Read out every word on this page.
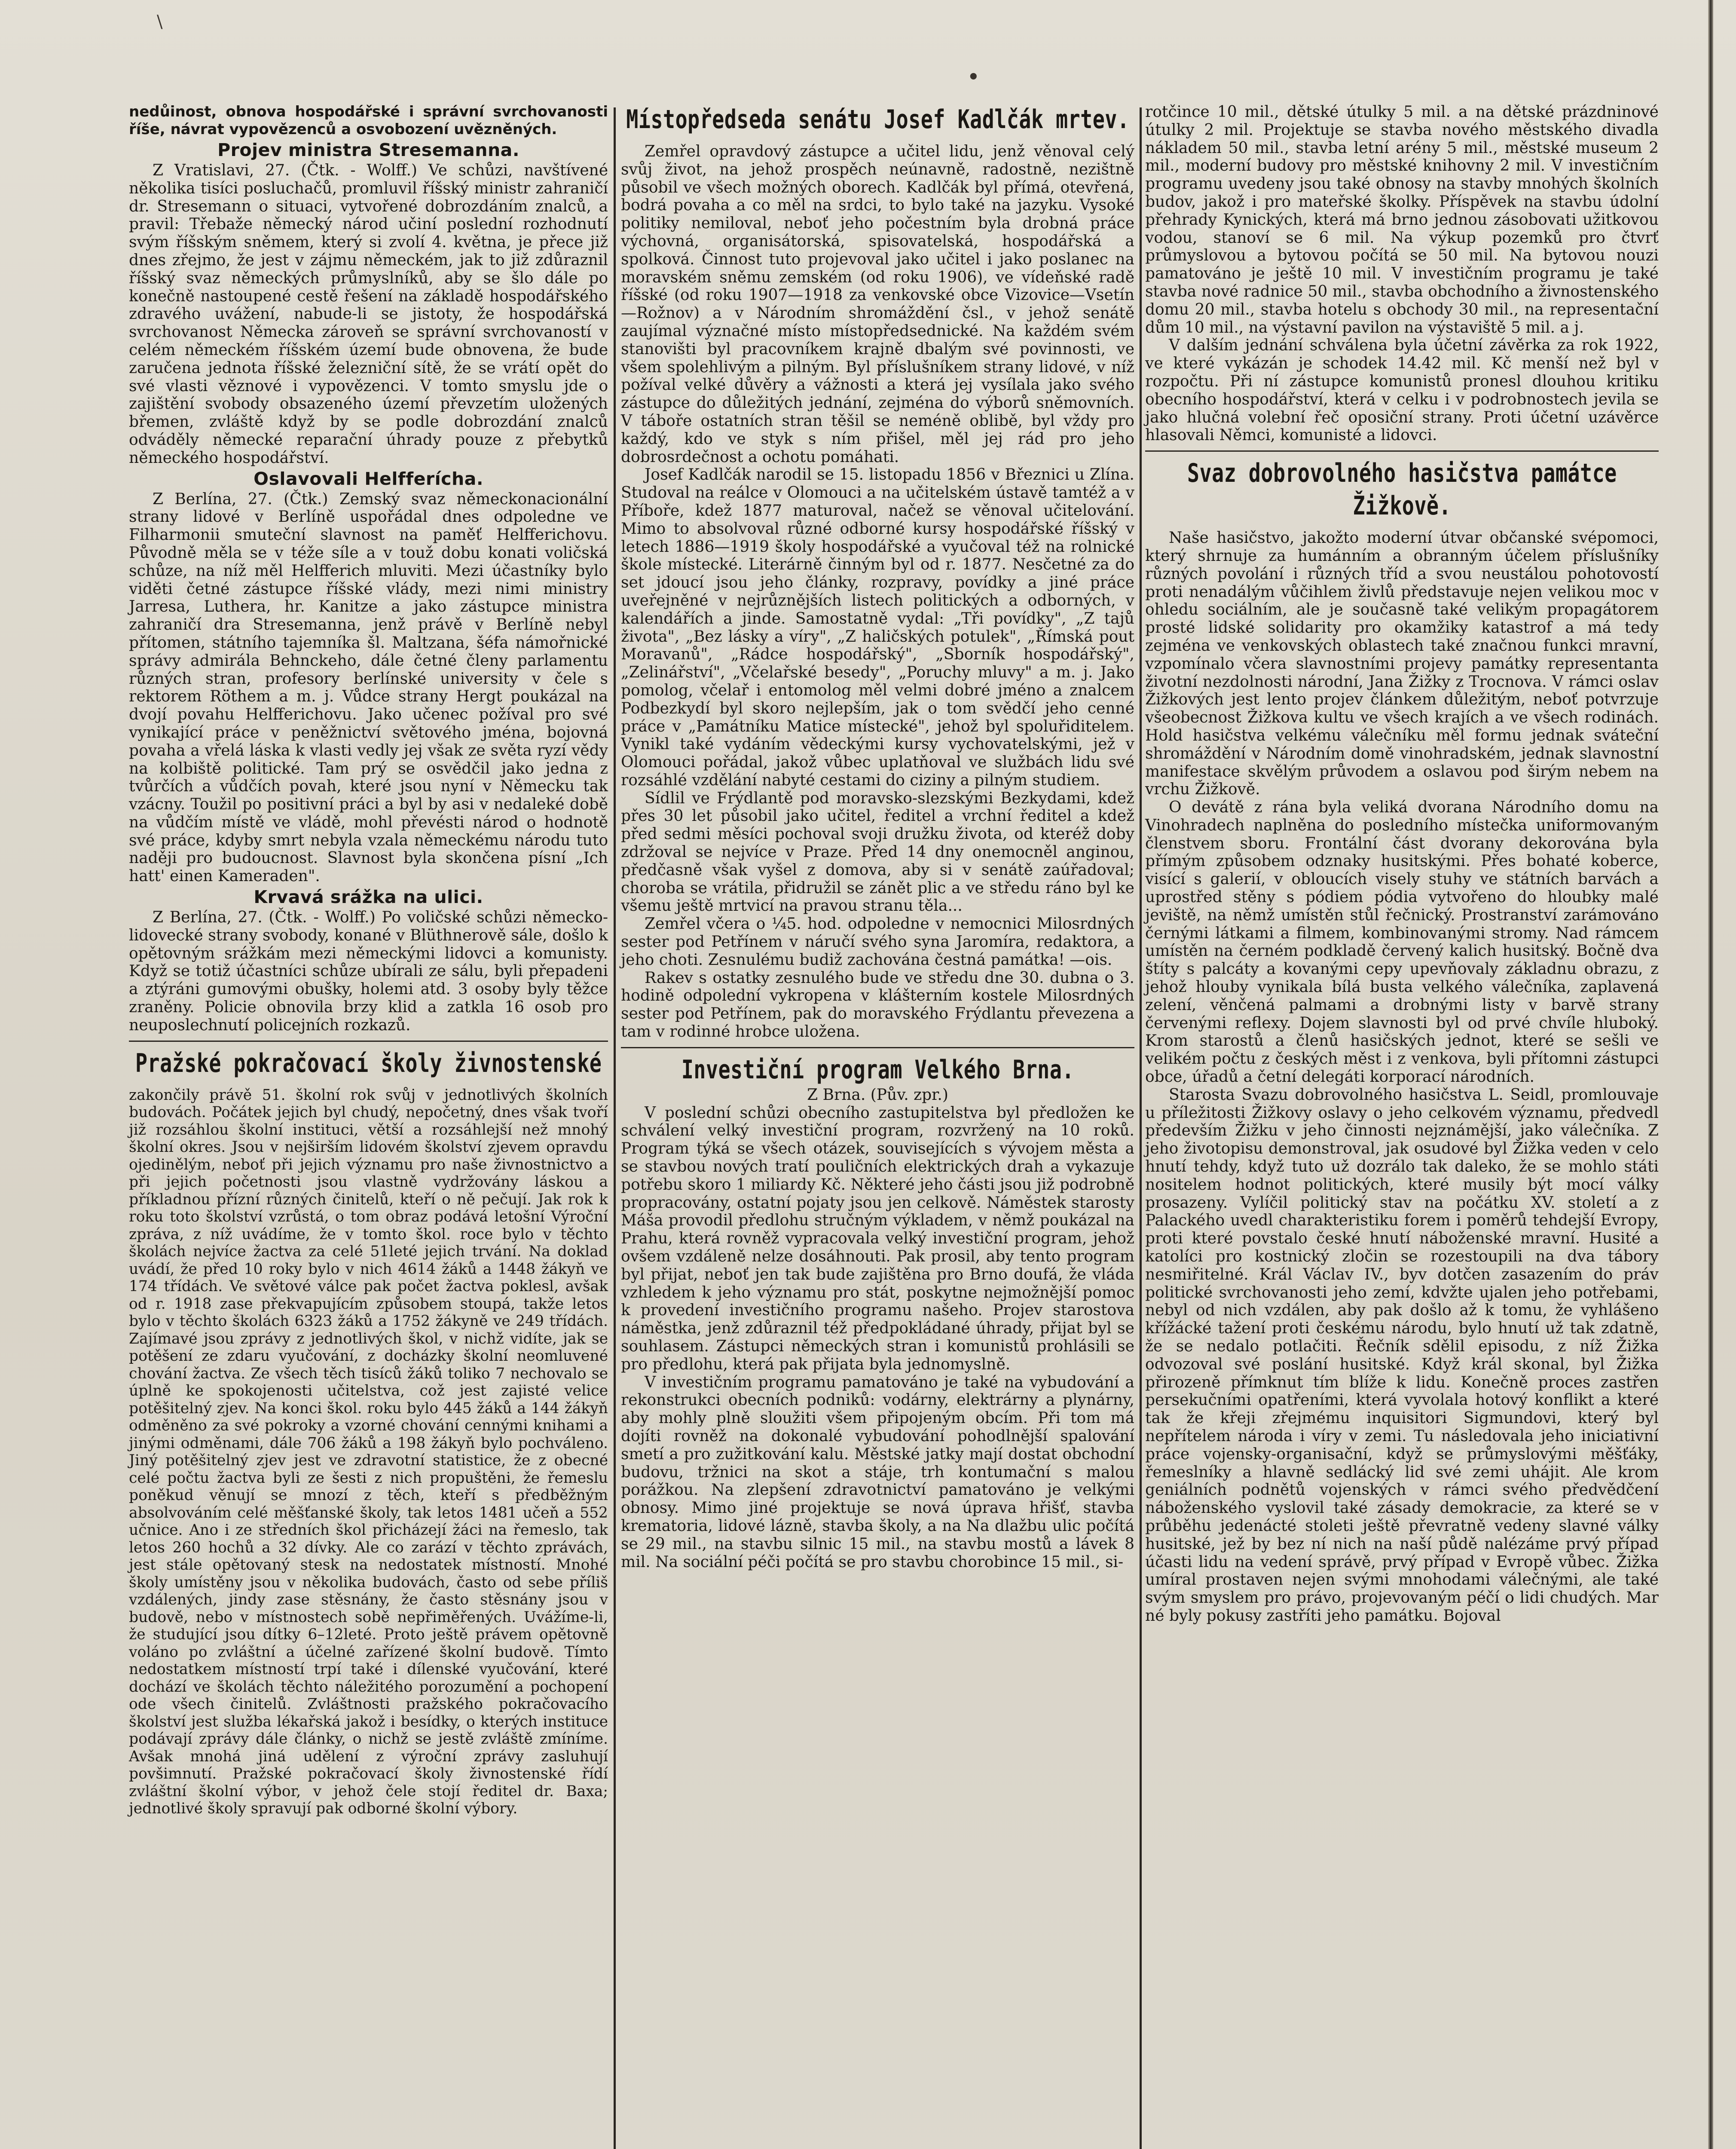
\
•

nedůinost, obnova hospodářské i správní svrchovanosti říše, návrat vypovězenců a osvobození uvězněných.

Projev ministra Stresemanna.

Z Vratislavi, 27. (Čtk. - Wolff.) Ve schůzi, navštívené několika tisíci posluchačů, promluvil říšský ministr zahraničí dr. Stresemann o situaci, vytvořené dobrozdáním znalců, a pravil: Třebaže německý národ učiní poslední rozhodnutí svým říšským sněmem, který si zvolí 4. května, je přece již dnes zřejmo, že jest v zájmu německém, jak to již zdůraznil říšský svaz německých průmyslníků, aby se šlo dále po konečně nastoupené cestě řešení na základě hospodářského zdravého uvážení, nabude-li se jistoty, že hospodářská svrchovanost Německa zároveň se správní svrchovaností v celém německém říšském území bude obnovena, že bude zaručena jednota říšské železniční sítě, že se vrátí opět do své vlasti věznové i vypovězenci. V tomto smyslu jde o zajištění svobody obsazeného území převzetím uložených břemen, zvláště když by se podle dobrozdání znalců odváděly německé reparační úhrady pouze z přebytků německého hospodářství.

Oslavovali Helfferícha.

Z Berlína, 27. (Čtk.) Zemský svaz německonacionální strany lidové v Berlíně uspořádal dnes odpoledne ve Filharmonii smuteční slavnost na paměť Helfferichovu. Původně měla se v téže síle a v touž dobu konati voličská schůze, na níž měl Helfferich mluviti. Mezi účastníky bylo viděti četné zástupce říšské vlády, mezi nimi ministry Jarresa, Luthera, hr. Kanitze a jako zástupce ministra zahraničí dra Stresemanna, jenž právě v Berlíně nebyl přítomen, státního tajemníka šl. Maltzana, šéfa námořnické správy admirála Behnckeho, dále četné členy parlamentu různých stran, profesory berlínské university v čele s rektorem Röthem a m. j. Vůdce strany Hergt poukázal na dvojí povahu Helfferichovu. Jako učenec požíval pro své vynikající práce v peněžnictví světového jména, bojovná povaha a vřelá láska k vlasti vedly jej však ze světa ryzí vědy na kolbiště politické. Tam prý se osvědčil jako jedna z tvůrčích a vůdčích povah, které jsou nyní v Německu tak vzácny. Toužil po positivní práci a byl by asi v nedaleké době na vůdčím místě ve vládě, mohl převésti národ o hodnotě své práce, kdyby smrt nebyla vzala německému národu tuto naději pro budoucnost. Slavnost byla skončena písní „Ich hatt' einen Kameraden".

Krvavá srážka na ulici.

Z Berlína, 27. (Čtk. - Wolff.) Po voličské schůzi německo-lidovecké strany svobody, konané v Blüthnerově sále, došlo k opětovným srážkám mezi německými lidovci a komunisty. Když se totiž účastníci schůze ubírali ze sálu, byli přepadeni a ztýráni gumovými obušky, holemi atd. 3 osoby byly těžce zraněny. Policie obnovila brzy klid a zatkla 16 osob pro neuposlechnutí policejních rozkazů.

Pražské pokračovací školy živnostenské

zakončily právě 51. školní rok svůj v jednotlivých školních budovách. Počátek jejich byl chudý, nepočetný, dnes však tvoří již rozsáhlou školní instituci, větší a rozsáhlejší než mnohý školní okres. Jsou v nejširším lidovém školství zjevem opravdu ojedinělým, neboť při jejich významu pro naše živnostnictvo a při jejich početnosti jsou vlastně vydržovány láskou a příkladnou přízní různých činitelů, kteří o ně pečují. Jak rok k roku toto školství vzrůstá, o tom obraz podává letošní Výroční zpráva, z níž uvádíme, že v tomto škol. roce bylo v těchto školách nejvíce žactva za celé 51leté jejich trvání. Na doklad uvádí, že před 10 roky bylo v nich 4614 žáků a 1448 žákyň ve 174 třídách. Ve světové válce pak počet žactva poklesl, avšak od r. 1918 zase překvapujícím způsobem stoupá, takže letos bylo v těchto školách 6323 žáků a 1752 žákyně ve 249 třídách. Zajímavé jsou zprávy z jednotlivých škol, v nichž vidíte, jak se potěšení ze zdaru vyučování, z docházky školní neomluvené chování žactva. Ze všech těch tisíců žáků toliko 7 nechovalo se úplně ke spokojenosti učitelstva, což jest zajisté velice potěšitelný zjev. Na konci škol. roku bylo 445 žáků a 144 žákyň odměněno za své pokroky a vzorné chování cennými knihami a jinými odměnami, dále 706 žáků a 198 žákyň bylo pochváleno. Jiný potěšitelný zjev jest ve zdravotní statistice, že z obecné celé počtu žactva byli ze šesti z nich propuštěni, že řemeslu poněkud věnují se mnozí z těch, kteří s předběžným absolvováním celé měšťanské školy, tak letos 1481 učeň a 552 učnice. Ano i ze středních škol přicházejí žáci na řemeslo, tak letos 260 hochů a 32 dívky. Ale co zarází v těchto zprávách, jest stále opětovaný stesk na nedostatek místností. Mnohé školy umístěny jsou v několika budovách, často od sebe příliš vzdálených, jindy zase stěsnány, že často stěsnány jsou v budově, nebo v místnostech sobě nepřiměřených. Uvážíme-li, že studující jsou dítky 6–12leté. Proto ještě právem opětovně voláno po zvláštní a účelné zařízené školní budově. Tímto nedostatkem místností trpí také i dílenské vyučování, které dochází ve školách těchto náležitého porozumění a pochopení ode všech činitelů. Zvláštnosti pražského pokračovacího školství jest služba lékařská jakož i besídky, o kterých instituce podávají zprávy dále články, o nichž se jestě zvláště zmíníme. Avšak mnohá jiná udělení z výroční zprávy zasluhují povšimnutí. Pražské pokračovací školy živnostenské řídí zvláštní školní výbor, v jehož čele stojí ředitel dr. Baxa; jednotlivé školy spravují pak odborné školní výbory.

Místopředseda senátu Josef Kadlčák mrtev.

Zemřel opravdový zástupce a učitel lidu, jenž věnoval celý svůj život, na jehož prospěch neúnavně, radostně, nezištně působil ve všech možných oborech. Kadlčák byl přímá, otevřená, bodrá povaha a co měl na srdci, to bylo také na jazyku. Vysoké politiky nemiloval, neboť jeho počestním byla drobná práce výchovná, organisátorská, spisovatelská, hospodářská a spolková. Činnost tuto projevoval jako učitel i jako poslanec na moravském sněmu zemském (od roku 1906), ve vídeňské radě říšské (od roku 1907—1918 za venkovské obce Vizovice—Vsetín—Rožnov) a v Národním shromáždění čsl., v jehož senátě zaujímal význačné místo místopředsednické. Na každém svém stanovišti byl pracovníkem krajně dbalým své povinnosti, ve všem spolehlivým a pilným. Byl příslušníkem strany lidové, v níž požíval velké důvěry a vážnosti a která jej vysílala jako svého zástupce do důležitých jednání, zejména do výborů sněmovních. V táboře ostatních stran těšil se neméně oblibě, byl vždy pro každý, kdo ve styk s ním přišel, měl jej rád pro jeho dobrosrdečnost a ochotu pomáhati.

Josef Kadlčák narodil se 15. listopadu 1856 v Březnici u Zlína. Studoval na reálce v Olomouci a na učitelském ústavě tamtéž a v Příboře, kdež 1877 maturoval, načež se věnoval učitelování. Mimo to absolvoval různé odborné kursy hospodářské říšský v letech 1886—1919 školy hospodářské a vyučoval též na rolnické škole místecké. Literárně činným byl od r. 1877. Nesčetné za do set jdoucí jsou jeho články, rozpravy, povídky a jiné práce uveřejněné v nejrůznějších listech politických a odborných, v kalendářích a jinde. Samostatně vydal: „Tři povídky", „Z tajů života", „Bez lásky a víry", „Z haličských potulek", „Římská pout Moravanů", „Rádce hospodářský", „Sborník hospodářský", „Zelinářství", „Včelařské besedy", „Poruchy mluvy" a m. j. Jako pomolog, včelař i entomolog měl velmi dobré jméno a znalcem Podbezkydí byl skoro nejlepším, jak o tom svědčí jeho cenné práce v „Památníku Matice místecké", jehož byl spoluřiditelem. Vynikl také vydáním vědeckými kursy vychovatelskými, jež v Olomouci pořádal, jakož vůbec uplatňoval ve službách lidu své rozsáhlé vzdělání nabyté cestami do ciziny a pilným studiem.

Sídlil ve Frýdlantě pod moravsko-slezskými Bezkydami, kdež přes 30 let působil jako učitel, ředitel a vrchní ředitel a kdež před sedmi měsíci pochoval svoji družku života, od kteréž doby zdržoval se nejvíce v Praze. Před 14 dny onemocněl anginou, předčasně však vyšel z domova, aby si v senátě zaúřadoval; choroba se vrátila, přidružil se zánět plic a ve středu ráno byl ke všemu ještě mrtvicí na pravou stranu těla...

Zemřel včera o ¼5. hod. odpoledne v nemocnici Milosrdných sester pod Petřínem v náručí svého syna Jaromíra, redaktora, a jeho choti. Zesnulému budiž zachována čestná památka! —ois.

Rakev s ostatky zesnulého bude ve středu dne 30. dubna o 3. hodině odpolední vykropena v klášterním kostele Milosrdných sester pod Petřínem, pak do moravského Frýdlantu převezena a tam v rodinné hrobce uložena.

Investiční program Velkého Brna.

Z Brna. (Pův. zpr.)

V poslední schůzi obecního zastupitelstva byl předložen ke schválení velký investiční program, rozvržený na 10 roků. Program týká se všech otázek, souvisejících s vývojem města a se stavbou nových tratí pouličních elektrických drah a vykazuje potřebu skoro 1 miliardy Kč. Některé jeho části jsou již podrobně propracovány, ostatní pojaty jsou jen celkově. Náměstek starosty Máša provodil předlohu stručným výkladem, v němž poukázal na Prahu, která rovněž vypracovala velký investiční program, jehož ovšem vzdáleně nelze dosáhnouti. Pak prosil, aby tento program byl přijat, neboť jen tak bude zajištěna pro Brno doufá, že vláda vzhledem k jeho významu pro stát, poskytne nejmožnější pomoc k provedení investičního programu našeho. Projev starostova náměstka, jenž zdůraznil též předpokládané úhrady, přijat byl se souhlasem. Zástupci německých stran i komunistů prohlásili se pro předlohu, která pak přijata byla jednomyslně.

V investičním programu pamatováno je také na vybudování a rekonstrukci obecních podniků: vodárny, elektrárny a plynárny, aby mohly plně sloužiti všem připojeným obcím. Při tom má dojíti rovněž na dokonalé vybudování pohodlnější spalování smetí a pro zužitkování kalu. Městské jatky mají dostat obchodní budovu, tržnici na skot a stáje, trh kontumační s malou porážkou. Na zlepšení zdravotnictví pamatováno je velkými obnosy. Mimo jiné projektuje se nová úprava hřišť, stavba krematoria, lidové lázně, stavba školy, a na Na dlažbu ulic počítá se 29 mil., na stavbu silnic 15 mil., na stavbu mostů a lávek 8 mil. Na sociální péči počítá se pro stavbu chorobince 15 mil., si-

rotčince 10 mil., dětské útulky 5 mil. a na dětské prázdninové útulky 2 mil. Projektuje se stavba nového městského divadla nákladem 50 mil., stavba letní arény 5 mil., městské museum 2 mil., moderní budovy pro městské knihovny 2 mil. V investičním programu uvedeny jsou také obnosy na stavby mnohých školních budov, jakož i pro mateřské školky. Příspěvek na stavbu údolní přehrady Kynických, která má brno jednou zásobovati užitkovou vodou, stanoví se 6 mil. Na výkup pozemků pro čtvrť průmyslovou a bytovou počítá se 50 mil. Na bytovou nouzi pamatováno je ještě 10 mil. V investičním programu je také stavba nové radnice 50 mil., stavba obchodního a živnostenského domu 20 mil., stavba hotelu s obchody 30 mil., na representační dům 10 mil., na výstavní pavilon na výstaviště 5 mil. a j.

V dalším jednání schválena byla účetní závěrka za rok 1922, ve které vykázán je schodek 14.42 mil. Kč menší než byl v rozpočtu. Při ní zástupce komunistů pronesl dlouhou kritiku obecního hospodářství, která v celku i v podrobnostech jevila se jako hlučná volební řeč oposiční strany. Proti účetní uzávěrce hlasovali Němci, komunisté a lidovci.

Svaz dobrovolného hasičstva památce Žižkově.

Naše hasičstvo, jakožto moderní útvar občanské svépomoci, který shrnuje za humánním a obranným účelem příslušníky různých povolání i různých tříd a svou neustálou pohotovostí proti nenadálým vůčihlem živlů představuje nejen velikou moc v ohledu sociálním, ale je současně také velikým propagátorem prosté lidské solidarity pro okamžiky katastrof a má tedy zejména ve venkovských oblastech také značnou funkci mravní, vzpomínalo včera slavnostními projevy památky representanta životní nezdolnosti národní, Jana Žižky z Trocnova. V rámci oslav Žižkových jest lento projev článkem důležitým, neboť potvrzuje všeobecnost Žižkova kultu ve všech krajích a ve všech rodinách. Hold hasičstva velkému válečníku měl formu jednak sváteční shromáždění v Národním domě vinohradském, jednak slavnostní manifestace skvělým průvodem a oslavou pod širým nebem na vrchu Žižkově.

O devátě z rána byla veliká dvorana Národního domu na Vinohradech naplněna do posledního místečka uniformovaným členstvem sboru. Frontální část dvorany dekorována byla přímým způsobem odznaky husitskými. Přes bohaté koberce, visící s galerií, v obloucích visely stuhy ve státních barvách a uprostřed stěny s pódiem pódia vytvořeno do hloubky malé jeviště, na němž umístěn stůl řečnický. Prostranství zarámováno černými látkami a filmem, kombinovanými stromy. Nad rámcem umístěn na černém podkladě červený kalich husitský. Bočně dva štíty s palcáty a kovanými cepy upevňovaly základnu obrazu, z jehož hlouby vynikala bílá busta velkého válečníka, zaplavená zelení, věnčená palmami a drobnými listy v barvě strany červenými reflexy. Dojem slavnosti byl od prvé chvíle hluboký. Krom starostů a členů hasičských jednot, které se sešli ve velikém počtu z českých měst i z venkova, byli přítomni zástupci obce, úřadů a četní delegáti korporací národních.

Starosta Svazu dobrovolného hasičstva L. Seidl, promlouvaje u příležitosti Žižkovy oslavy o jeho celkovém významu, předvedl především Žižku v jeho činnosti nejznámější, jako válečníka. Z jeho životopisu demonstroval, jak osudové byl Žižka veden v celo hnutí tehdy, když tuto už dozrálo tak daleko, že se mohlo státi nositelem hodnot politických, které musily být mocí války prosazeny. Vylíčil politický stav na počátku XV. století a z Palackého uvedl charakteristiku forem i poměrů tehdejší Evropy, proti které povstalo české hnutí náboženské mravní. Husité a katolíci pro kostnický zločin se rozestoupili na dva tábory nesmiřitelné. Král Václav IV., byv dotčen zasazením do práv politické svrchovanosti jeho zemí, kdvžte ujalen jeho potřebami, nebyl od nich vzdálen, aby pak došlo až k tomu, že vyhlášeno křížácké tažení proti českému národu, bylo hnutí už tak zdatně, že se nedalo potlačiti. Řečník sdělil episodu, z níž Žižka odvozoval své poslání husitské. Když král skonal, byl Žižka přirozeně přímknut tím blíže k lidu. Konečně proces zastřen persekučními opatřeními, která vyvolala hotový konflikt a které tak že křeji zřejmému inquisitori Sigmundovi, který byl nepřítelem národa i víry v zemi. Tu následovala jeho iniciativní práce vojensky-organisační, když se průmyslovými měšťáky, řemeslníky a hlavně sedlácký lid své zemi uhájit. Ale krom geniálních podnětů vojenských v rámci svého předvědčení náboženského vyslovil také zásady demokracie, za které se v průběhu jedenácté stoleti ještě převratně vedeny slavné války husitské, jež by bez ní nich na naší půdě nalézáme prvý případ účasti lidu na vedení správě, prvý případ v Evropě vůbec. Žižka umíral prostaven nejen svými mnohodami válečnými, ale také svým smyslem pro právo, projevovaným péčí o lidi chudých. Mar né byly pokusy zastříti jeho památku. Bojoval
